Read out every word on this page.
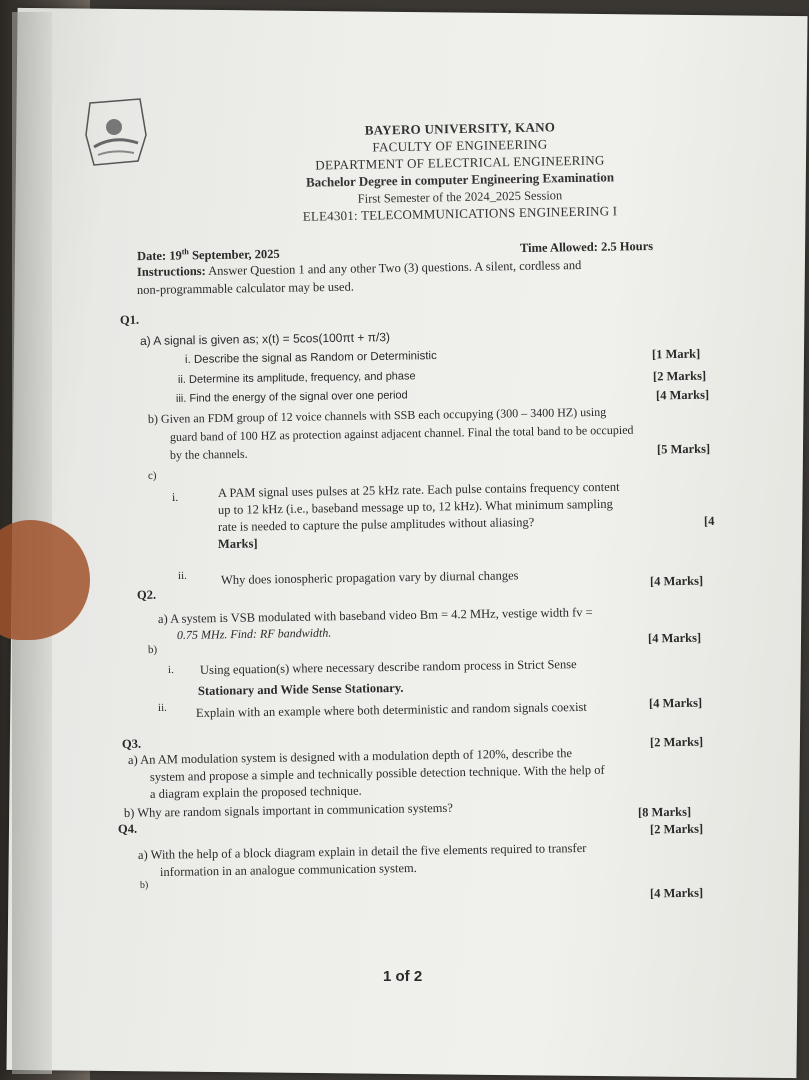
BAYERO UNIVERSITY, KANO
FACULTY OF ENGINEERING
DEPARTMENT OF ELECTRICAL ENGINEERING
Bachelor Degree in computer Engineering Examination
First Semester of the 2024_2025 Session
ELE4301: TELECOMMUNICATIONS ENGINEERING I
Date: 19th September, 2025	Time Allowed: 2.5 Hours
Instructions: Answer Question 1 and any other Two (3) questions. A silent, cordless and
non-programmable calculator may be used.
Q1.
a) A signal is given as; x(t) = 5cos(100πt + π/3)
i. Describe the signal as Random or Deterministic	[1 Mark]
ii. Determine its amplitude, frequency, and phase	[2 Marks]
iii. Find the energy of the signal over one period	[4 Marks]
b) Given an FDM group of 12 voice channels with SSB each occupying (300 – 3400 HZ) using
guard band of 100 HZ as protection against adjacent channel. Final the total band to be occupied
by the channels.	[5 Marks]
c)
i.	A PAM signal uses pulses at 25 kHz rate. Each pulse contains frequency content
up to 12 kHz (i.e., baseband message up to, 12 kHz). What minimum sampling
rate is needed to capture the pulse amplitudes without aliasing?	[4
Marks]
ii.	Why does ionospheric propagation vary by diurnal changes	[4 Marks]
Q2.
a) A system is VSB modulated with baseband video Bm = 4.2 MHz, vestige width fv =
0.75 MHz. Find: RF bandwidth.	[4 Marks]
b)
i. Using equation(s) where necessary describe random process in Strict Sense
Stationary and Wide Sense Stationary.
[4 Marks]
ii. Explain with an example where both deterministic and random signals coexist
[2 Marks]
Q3.
a) An AM modulation system is designed with a modulation depth of 120%, describe the
system and propose a simple and technically possible detection technique. With the help of
a diagram explain the proposed technique.
[8 Marks]
b) Why are random signals important in communication systems?
[2 Marks]
Q4.
a) With the help of a block diagram explain in detail the five elements required to transfer
information in an analogue communication system.
[4 Marks]
b)
1 of 2
